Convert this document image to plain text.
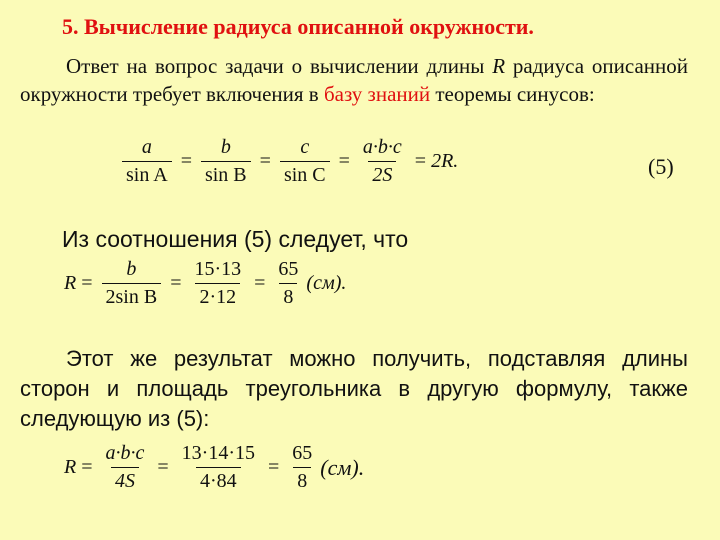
5. Вычисление радиуса описанной окружности.
Ответ на вопрос задачи о вычислении длины R радиуса описанной окружности требует включения в базу знаний теоремы синусов:
$\frac{a}{\text{sin A}} = \frac{b}{\text{sin B}} = \frac{c}{\text{sin C}} = \frac{a\cdot b\cdot c}{2S} = 2R$.	(5)
Из соотношения (5) следует, что
$R = \frac{b}{\text{2sin B}} = \frac{15\cdot 13}{2\cdot 12} = \frac{65}{8} (см)$.
Этот же результат можно получить, подставляя длины сторон и площадь треугольника в другую формулу, также следующую из (5):
$R = \frac{a\cdot b\cdot c}{4S} = \frac{13\cdot 14\cdot 15}{4\cdot 84} = \frac{65}{8} (см)$.
